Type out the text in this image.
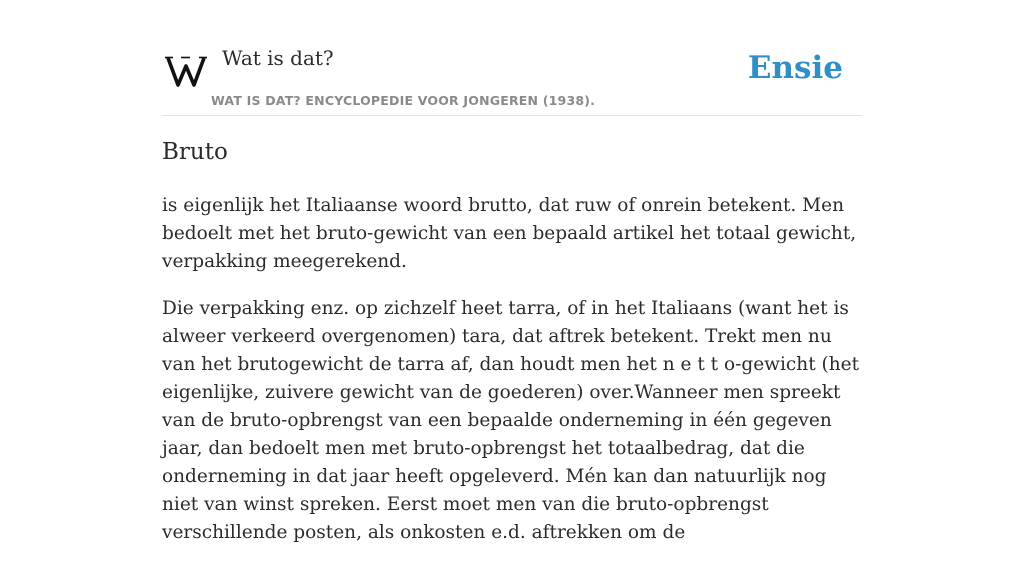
Wat is dat?
WAT IS DAT? ENCYCLOPEDIE VOOR JONGEREN (1938).
Ensie
Bruto

is eigenlijk het Italiaanse woord brutto, dat ruw of onrein betekent. Men bedoelt met het bruto-gewicht van een bepaald artikel het totaal gewicht, verpakking meegerekend.

Die verpakking enz. op zichzelf heet tarra, of in het Italiaans (want het is alweer verkeerd overgenomen) tara, dat aftrek betekent. Trekt men nu van het brutogewicht de tarra af, dan houdt men het n e t t o-gewicht (het eigenlijke, zuivere gewicht van de goederen) over.Wanneer men spreekt van de bruto-opbrengst van een bepaalde onderneming in één gegeven jaar, dan bedoelt men met bruto-opbrengst het totaalbedrag, dat die onderneming in dat jaar heeft opgeleverd. Mén kan dan natuurlijk nog niet van winst spreken. Eerst moet men van die bruto-opbrengst verschillende posten, als onkosten e.d. aftrekken om de
